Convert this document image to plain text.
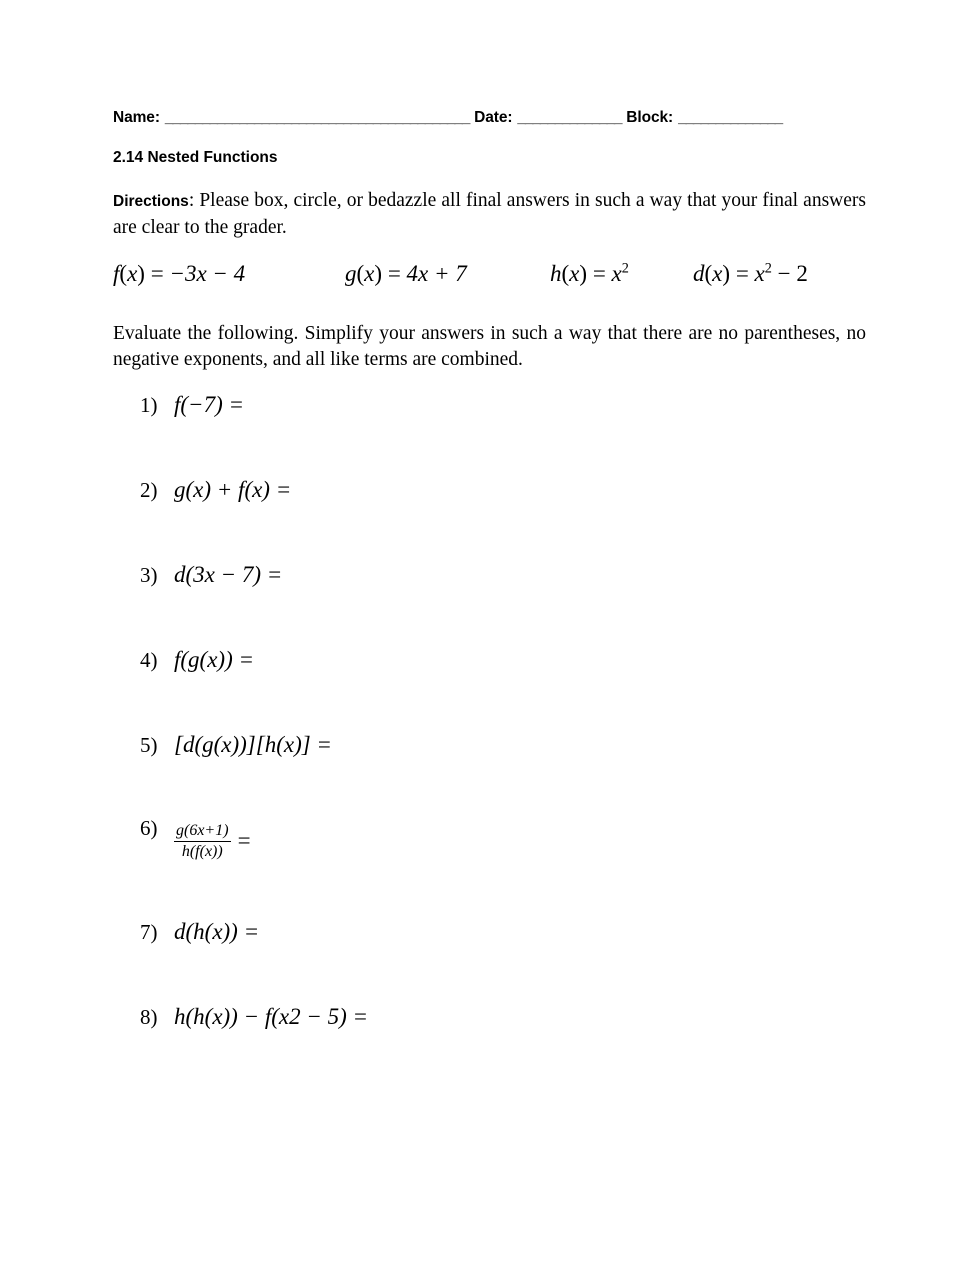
Name: _________________________________________ Date: ______________ Block: ______________
2.14 Nested Functions

Directions: Please box, circle, or bedazzle all final answers in such a way that your final answers are clear to the grader.

f(x) = −3x − 4	g(x) = 4x + 7	$h(x) = x^2$	$d(x) = x^2 - 2$

Evaluate the following. Simplify your answers in such a way that there are no parentheses, no negative exponents, and all like terms are combined.

1) f(−7) =
2) g(x) + f(x) =
3) d(3x − 7) =
4) f(g(x)) =
5) [d(g(x))][h(x)] =
6)	$\frac{g(6x+1)}{h(f(x))}$ =
7) d(h(x)) =
8) h(h(x)) − f(x2 − 5) =
